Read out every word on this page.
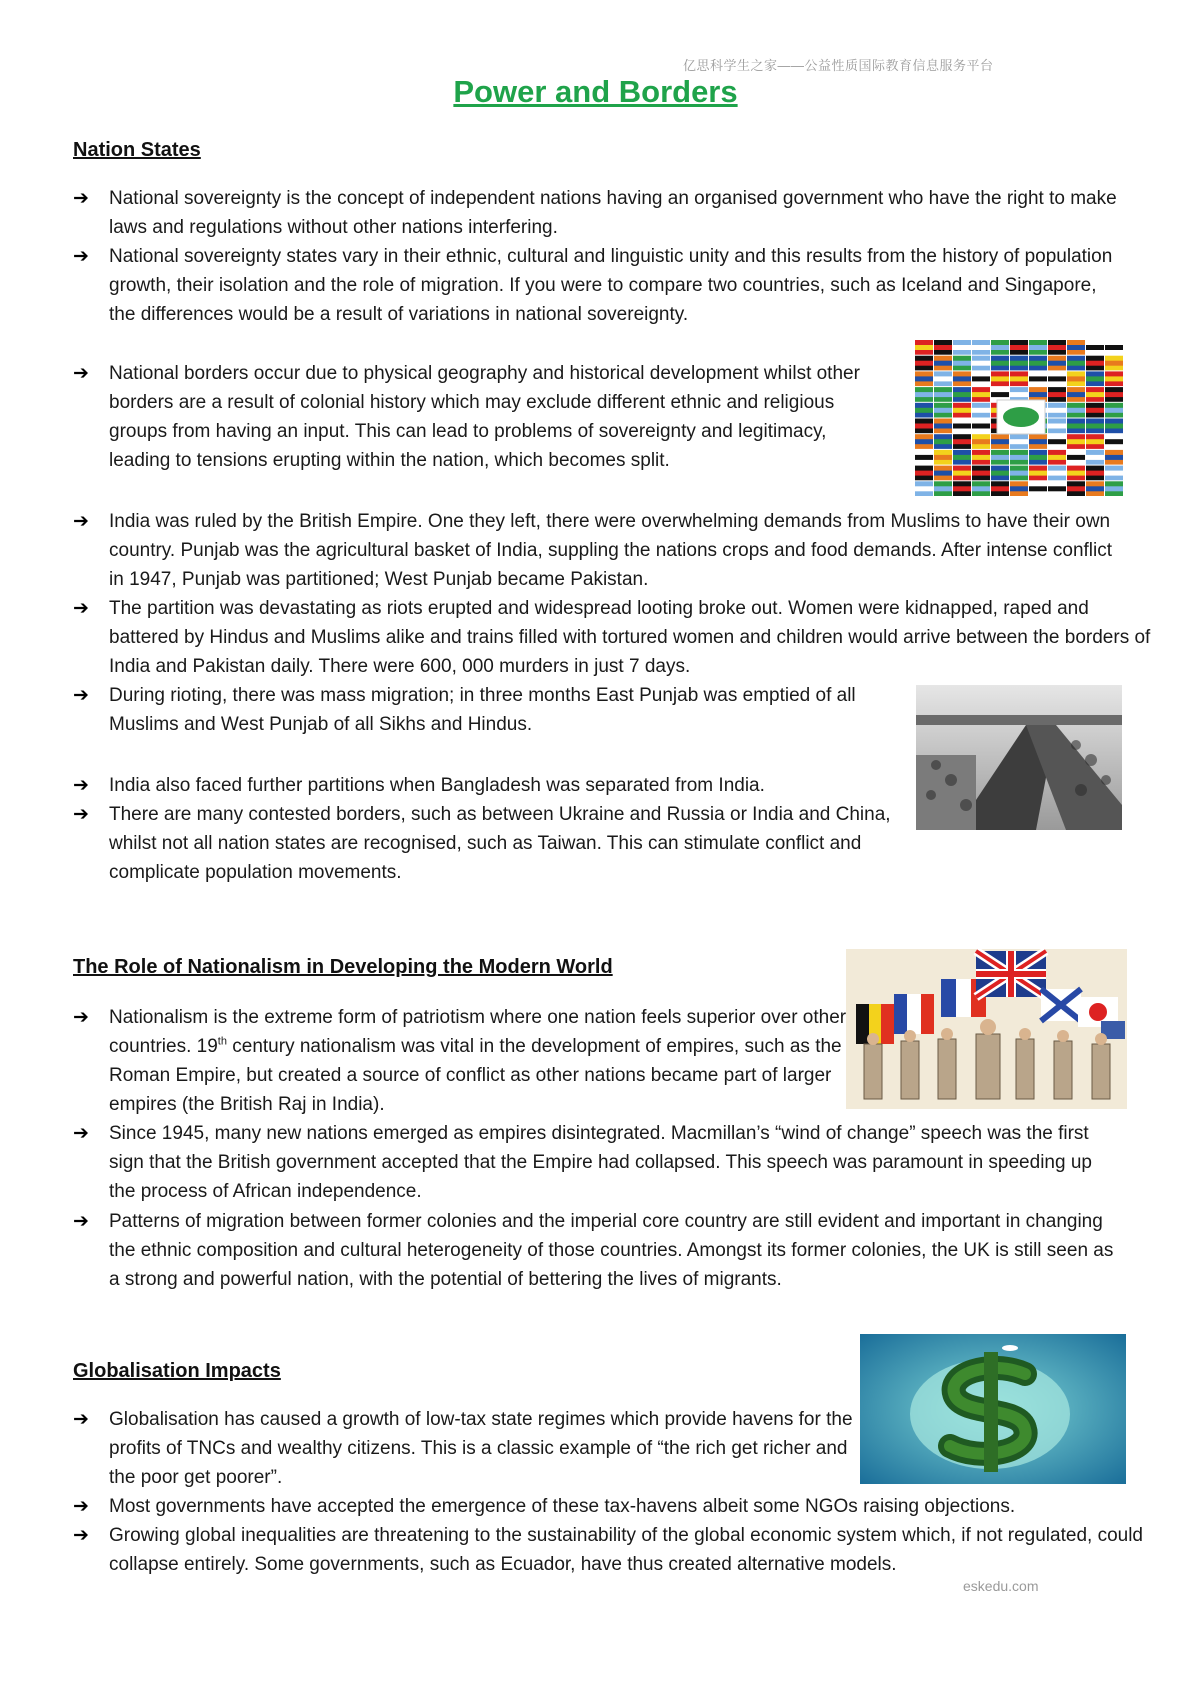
亿思科学生之家——公益性质国际教育信息服务平台
Power and Borders
Nation States
➔	National sovereignty is the concept of independent nations having an organised government who have the right to make laws and regulations without other nations interfering.
➔	National sovereignty states vary in their ethnic, cultural and linguistic unity and this results from the history of population growth, their isolation and the role of migration. If you were to compare two countries, such as Iceland and Singapore, the differences would be a result of variations in national sovereignty.
➔	National borders occur due to physical geography and historical development whilst other borders are a result of colonial history which may exclude different ethnic and religious groups from having an input. This can lead to problems of sovereignty and legitimacy, leading to tensions erupting within the nation, which becomes split.
➔	India was ruled by the British Empire. One they left, there were overwhelming demands from Muslims to have their own country. Punjab was the agricultural basket of India, suppling the nations crops and food demands. After intense conflict in 1947, Punjab was partitioned; West Punjab became Pakistan.
➔	The partition was devastating as riots erupted and widespread looting broke out. Women were kidnapped, raped and battered by Hindus and Muslims alike and trains filled with tortured women and children would arrive between the borders of India and Pakistan daily. There were 600, 000 murders in just 7 days.
➔	During rioting, there was mass migration; in three months East Punjab was emptied of all Muslims and West Punjab of all Sikhs and Hindus.
➔	India also faced further partitions when Bangladesh was separated from India.
➔	There are many contested borders, such as between Ukraine and Russia or India and China, whilst not all nation states are recognised, such as Taiwan. This can stimulate conflict and complicate population movements.
The Role of Nationalism in Developing the Modern World
➔	Nationalism is the extreme form of patriotism where one nation feels superior over other countries. 19th century nationalism was vital in the development of empires, such as the Roman Empire, but created a source of conflict as other nations became part of larger empires (the British Raj in India).
➔	Since 1945, many new nations emerged as empires disintegrated. Macmillan’s “wind of change” speech was the first sign that the British government accepted that the Empire had collapsed. This speech was paramount in speeding up the process of African independence.
➔	Patterns of migration between former colonies and the imperial core country are still evident and important in changing the ethnic composition and cultural heterogeneity of those countries. Amongst its former colonies, the UK is still seen as a strong and powerful nation, with the potential of bettering the lives of migrants.
Globalisation Impacts
➔	Globalisation has caused a growth of low-tax state regimes which provide havens for the profits of TNCs and wealthy citizens. This is a classic example of “the rich get richer and the poor get poorer”.
➔	Most governments have accepted the emergence of these tax-havens albeit some NGOs raising objections.
➔	Growing global inequalities are threatening to the sustainability of the global economic system which, if not regulated, could collapse entirely. Some governments, such as Ecuador, have thus created alternative models.
eskedu.com
